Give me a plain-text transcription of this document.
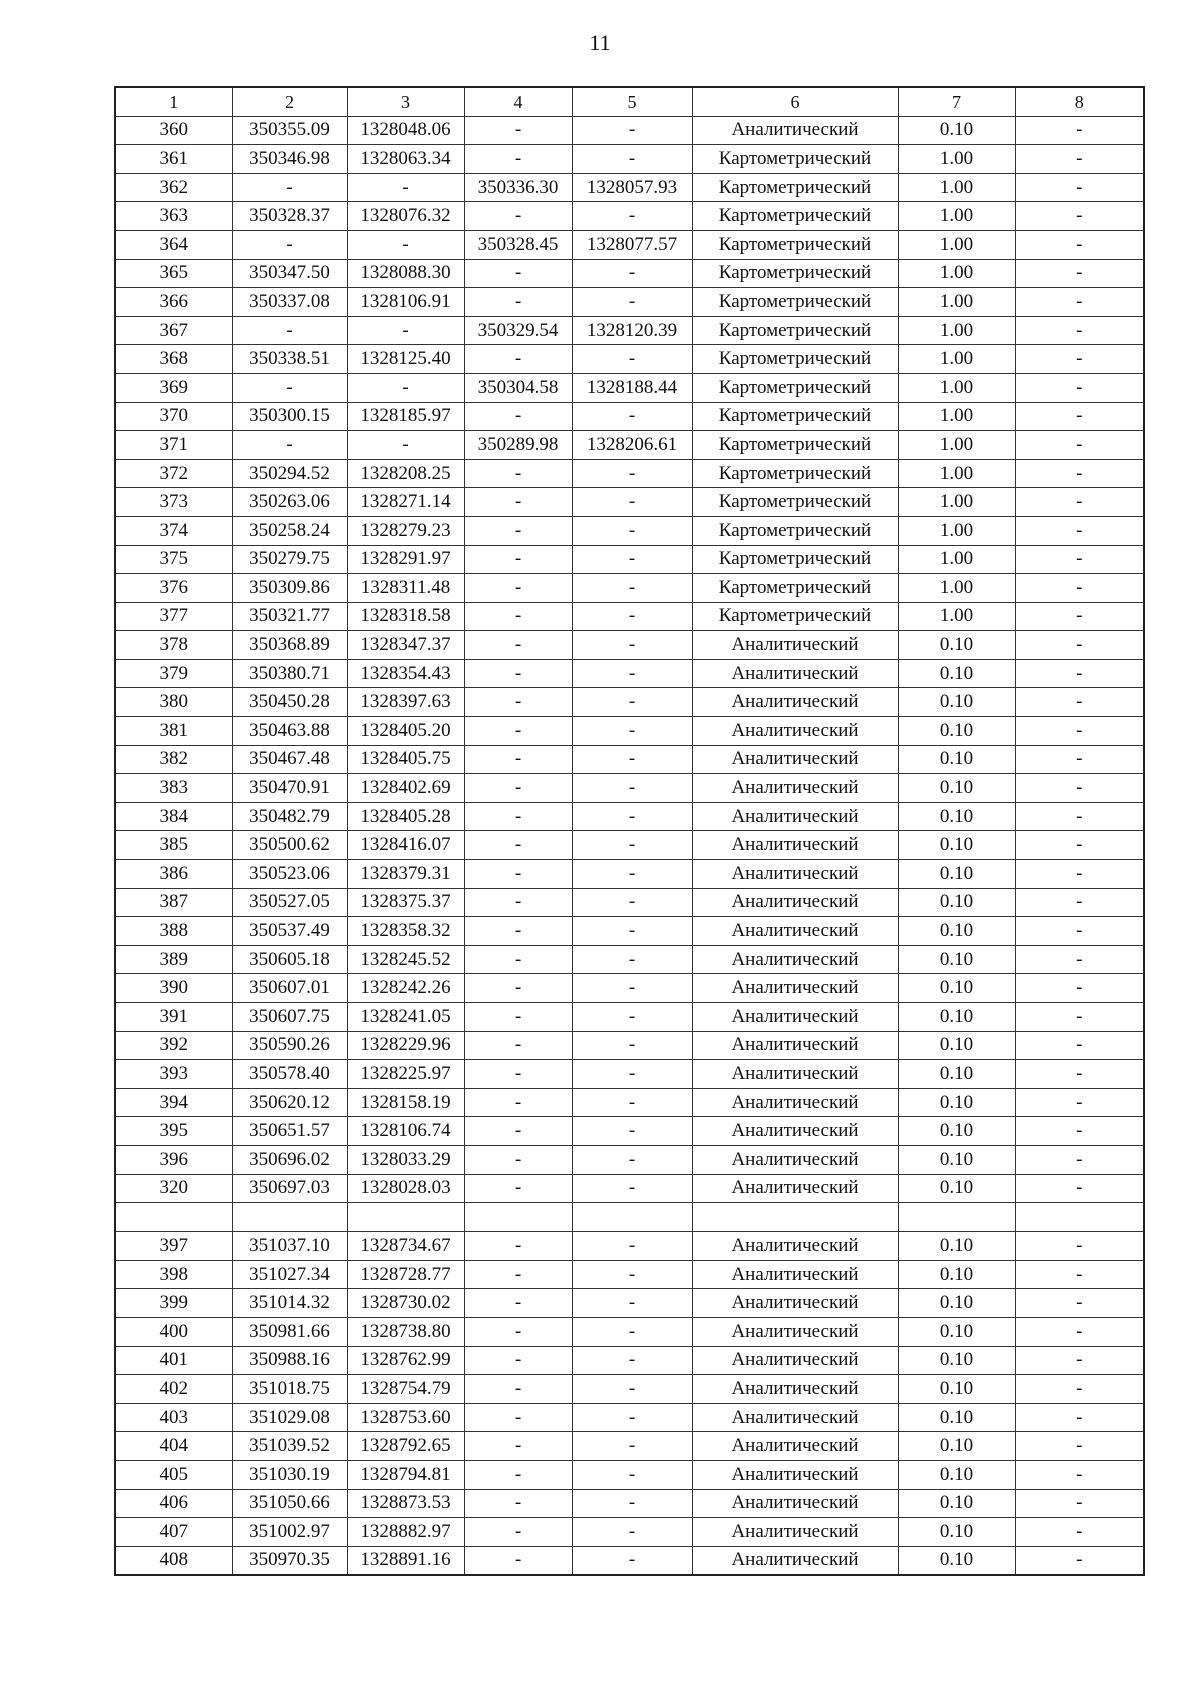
11
1	2	3	4	5	6	7	8
360	350355.09	1328048.06	-	-	Аналитический	0.10	-
361	350346.98	1328063.34	-	-	Картометрический	1.00	-
362	-	-	350336.30	1328057.93	Картометрический	1.00	-
363	350328.37	1328076.32	-	-	Картометрический	1.00	-
364	-	-	350328.45	1328077.57	Картометрический	1.00	-
365	350347.50	1328088.30	-	-	Картометрический	1.00	-
366	350337.08	1328106.91	-	-	Картометрический	1.00	-
367	-	-	350329.54	1328120.39	Картометрический	1.00	-
368	350338.51	1328125.40	-	-	Картометрический	1.00	-
369	-	-	350304.58	1328188.44	Картометрический	1.00	-
370	350300.15	1328185.97	-	-	Картометрический	1.00	-
371	-	-	350289.98	1328206.61	Картометрический	1.00	-
372	350294.52	1328208.25	-	-	Картометрический	1.00	-
373	350263.06	1328271.14	-	-	Картометрический	1.00	-
374	350258.24	1328279.23	-	-	Картометрический	1.00	-
375	350279.75	1328291.97	-	-	Картометрический	1.00	-
376	350309.86	1328311.48	-	-	Картометрический	1.00	-
377	350321.77	1328318.58	-	-	Картометрический	1.00	-
378	350368.89	1328347.37	-	-	Аналитический	0.10	-
379	350380.71	1328354.43	-	-	Аналитический	0.10	-
380	350450.28	1328397.63	-	-	Аналитический	0.10	-
381	350463.88	1328405.20	-	-	Аналитический	0.10	-
382	350467.48	1328405.75	-	-	Аналитический	0.10	-
383	350470.91	1328402.69	-	-	Аналитический	0.10	-
384	350482.79	1328405.28	-	-	Аналитический	0.10	-
385	350500.62	1328416.07	-	-	Аналитический	0.10	-
386	350523.06	1328379.31	-	-	Аналитический	0.10	-
387	350527.05	1328375.37	-	-	Аналитический	0.10	-
388	350537.49	1328358.32	-	-	Аналитический	0.10	-
389	350605.18	1328245.52	-	-	Аналитический	0.10	-
390	350607.01	1328242.26	-	-	Аналитический	0.10	-
391	350607.75	1328241.05	-	-	Аналитический	0.10	-
392	350590.26	1328229.96	-	-	Аналитический	0.10	-
393	350578.40	1328225.97	-	-	Аналитический	0.10	-
394	350620.12	1328158.19	-	-	Аналитический	0.10	-
395	350651.57	1328106.74	-	-	Аналитический	0.10	-
396	350696.02	1328033.29	-	-	Аналитический	0.10	-
320	350697.03	1328028.03	-	-	Аналитический	0.10	-

397	351037.10	1328734.67	-	-	Аналитический	0.10	-
398	351027.34	1328728.77	-	-	Аналитический	0.10	-
399	351014.32	1328730.02	-	-	Аналитический	0.10	-
400	350981.66	1328738.80	-	-	Аналитический	0.10	-
401	350988.16	1328762.99	-	-	Аналитический	0.10	-
402	351018.75	1328754.79	-	-	Аналитический	0.10	-
403	351029.08	1328753.60	-	-	Аналитический	0.10	-
404	351039.52	1328792.65	-	-	Аналитический	0.10	-
405	351030.19	1328794.81	-	-	Аналитический	0.10	-
406	351050.66	1328873.53	-	-	Аналитический	0.10	-
407	351002.97	1328882.97	-	-	Аналитический	0.10	-
408	350970.35	1328891.16	-	-	Аналитический	0.10	-
